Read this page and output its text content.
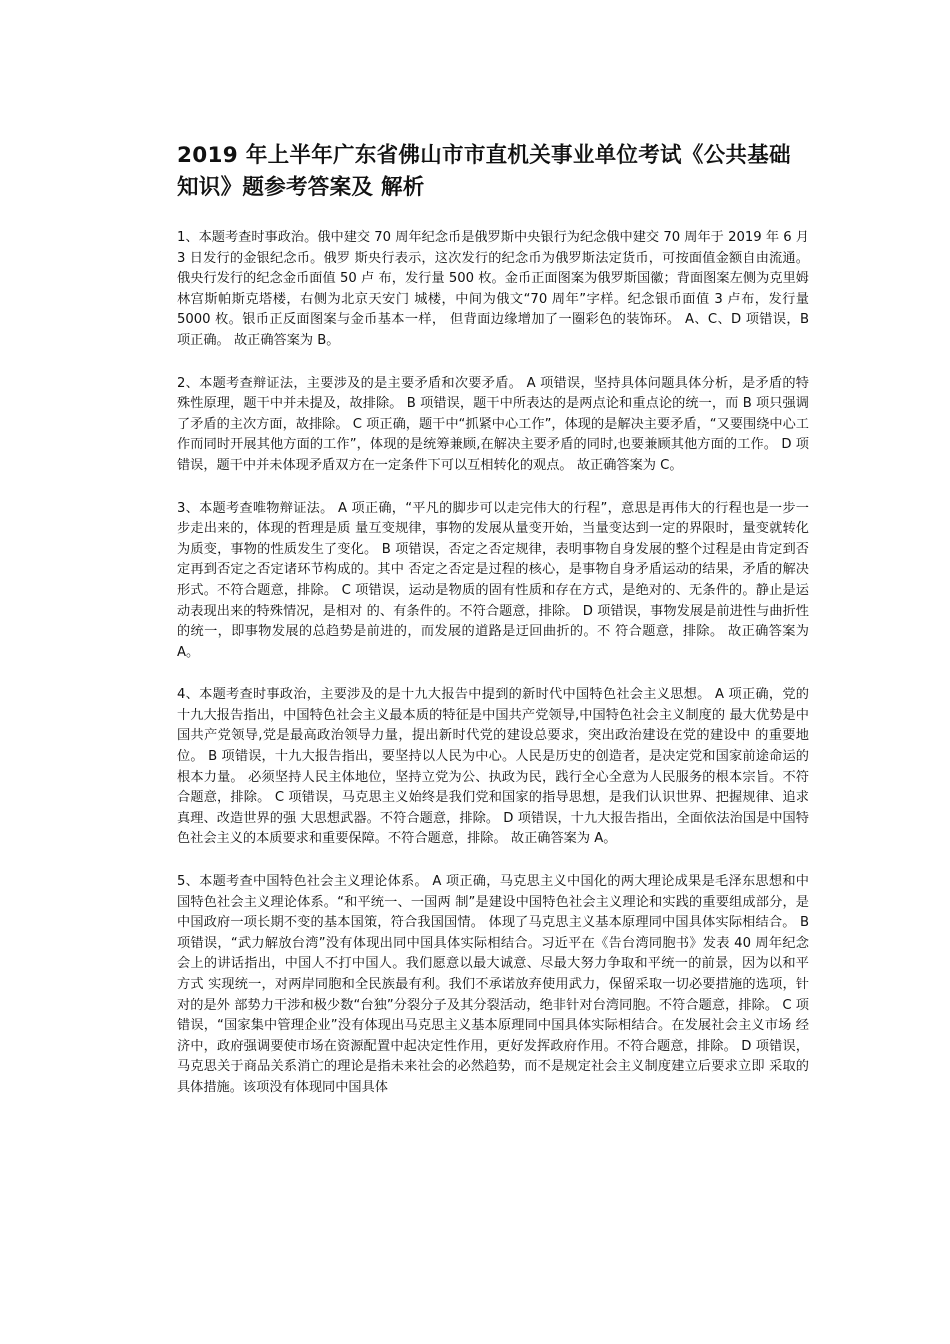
2019 年上半年广东省佛山市市直机关事业单位考试《公共基础知识》题参考答案及 解析

1、本题考查时事政治。俄中建交 70 周年纪念币是俄罗斯中央银行为纪念俄中建交 70 周年于 2019 年 6 月 3 日发行的金银纪念币。俄罗 斯央行表示，这次发行的纪念币为俄罗斯法定货币，可按面值金额自由流通。俄央行发行的纪念金币面值 50 卢 布，发行量 500 枚。金币正面图案为俄罗斯国徽；背面图案左侧为克里姆林宫斯帕斯克塔楼，右侧为北京天安门 城楼，中间为俄文“70 周年”字样。纪念银币面值 3 卢布，发行量 5000 枚。银币正反面图案与金币基本一样， 但背面边缘增加了一圈彩色的装饰环。 A、C、D 项错误，B 项正确。 故正确答案为 B。

2、本题考查辩证法，主要涉及的是主要矛盾和次要矛盾。 A 项错误，坚持具体问题具体分析，是矛盾的特殊性原理，题干中并未提及，故排除。 B 项错误，题干中所表达的是两点论和重点论的统一，而 B 项只强调了矛盾的主次方面，故排除。 C 项正确，题干中“抓紧中心工作”，体现的是解决主要矛盾，“又要围绕中心工作而同时开展其他方面的工作”，体现的是统筹兼顾,在解决主要矛盾的同时,也要兼顾其他方面的工作。 D 项错误，题干中并未体现矛盾双方在一定条件下可以互相转化的观点。 故正确答案为 C。

3、本题考查唯物辩证法。 A 项正确，“平凡的脚步可以走完伟大的行程”，意思是再伟大的行程也是一步一步走出来的，体现的哲理是质 量互变规律，事物的发展从量变开始，当量变达到一定的界限时，量变就转化为质变，事物的性质发生了变化。 B 项错误，否定之否定规律，表明事物自身发展的整个过程是由肯定到否定再到否定之否定诸环节构成的。其中 否定之否定是过程的核心，是事物自身矛盾运动的结果，矛盾的解决形式。不符合题意，排除。 C 项错误，运动是物质的固有性质和存在方式，是绝对的、无条件的。静止是运动表现出来的特殊情况，是相对 的、有条件的。不符合题意，排除。 D 项错误，事物发展是前进性与曲折性的统一，即事物发展的总趋势是前进的，而发展的道路是迂回曲折的。不 符合题意，排除。 故正确答案为 A。

4、本题考查时事政治，主要涉及的是十九大报告中提到的新时代中国特色社会主义思想。 A 项正确，党的十九大报告指出，中国特色社会主义最本质的特征是中国共产党领导,中国特色社会主义制度的 最大优势是中国共产党领导,党是最高政治领导力量，提出新时代党的建设总要求，突出政治建设在党的建设中 的重要地位。 B 项错误，十九大报告指出，要坚持以人民为中心。人民是历史的创造者，是决定党和国家前途命运的根本力量。 必须坚持人民主体地位，坚持立党为公、执政为民，践行全心全意为人民服务的根本宗旨。不符合题意，排除。 C 项错误，马克思主义始终是我们党和国家的指导思想，是我们认识世界、把握规律、追求真理、改造世界的强 大思想武器。不符合题意，排除。 D 项错误，十九大报告指出，全面依法治国是中国特色社会主义的本质要求和重要保障。不符合题意，排除。 故正确答案为 A。

5、本题考查中国特色社会主义理论体系。 A 项正确，马克思主义中国化的两大理论成果是毛泽东思想和中国特色社会主义理论体系。“和平统一、一国两 制”是建设中国特色社会主义理论和实践的重要组成部分，是中国政府一项长期不变的基本国策，符合我国国情。 体现了马克思主义基本原理同中国具体实际相结合。 B 项错误，“武力解放台湾”没有体现出同中国具体实际相结合。习近平在《告台湾同胞书》发表 40 周年纪念会上的讲话指出，中国人不打中国人。我们愿意以最大诚意、尽最大努力争取和平统一的前景，因为以和平方式 实现统一，对两岸同胞和全民族最有利。我们不承诺放弃使用武力，保留采取一切必要措施的选项，针对的是外 部势力干涉和极少数“台独”分裂分子及其分裂活动，绝非针对台湾同胞。不符合题意，排除。 C 项错误，“国家集中管理企业”没有体现出马克思主义基本原理同中国具体实际相结合。在发展社会主义市场 经济中，政府强调要使市场在资源配置中起决定性作用，更好发挥政府作用。不符合题意，排除。 D 项错误，马克思关于商品关系消亡的理论是指未来社会的必然趋势，而不是规定社会主义制度建立后要求立即 采取的具体措施。该项没有体现同中国具体
